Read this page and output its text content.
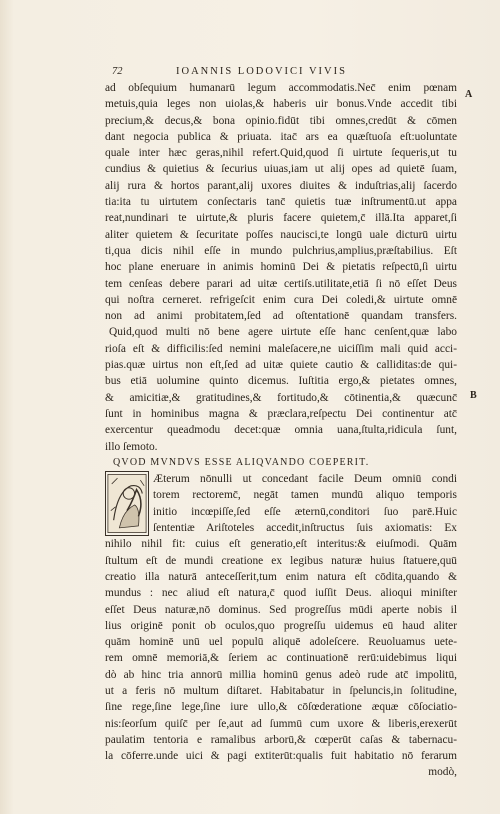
72	IOANNIS LODOVICI VIVIS
A
B
ad obſequium humanarū legum accommodatis.Nec̄ enim pœnam
metuis,quia leges non uiolas,& haberis uir bonus.Vnde accedit tibi
precium,& decus,& bona opinio.fidūt tibi omnes,credūt & cōmen
dant negocia publica & priuata. itac̄ ars ea quæſtuoſa eſt:uoluntate
quale inter hæc geras,nihil refert.Quid,quod ſi uirtute ſequeris,ut tu
cundius & quietius & ſecurius uiuas,iam ut alij opes ad quietē ſuam,
alij rura & hortos parant,alij uxores diuites & induſtrias,alij ſacerdo
tia:ita tu uirtutem conſectaris tanc̄ quietis tuæ inſtrumentū.ut appa
reat,nundinari te uirtute,& pluris facere quietem,c̄ illā.Ita apparet,ſi
aliter quietem & ſecuritate poſſes naucisci,te longū uale dicturū uirtu
ti,qua dicis nihil eſſe in mundo pulchrius,amplius,præſtabilius. Eſt
hoc plane eneruare in animis hominū Dei & pietatis reſpectū,ſi uirtu
tem cenſeas debere parari ad uitæ certiſs.utilitate,etiā ſi nō eſſet Deus
qui noſtra cerneret. refrigeſcit enim cura Dei coledi,& uirtute omnē
non ad animi probitatem,ſed ad oſtentationē quandam transfers.
Quid,quod multi nō bene agere uirtute eſſe hanc cenſent,quæ labo
rioſa eſt & difficilis:ſed nemini maleſacere,ne uiciſſim mali quid acci-
pias.quæ uirtus non eſt,ſed ad uitæ quiete cautio & calliditas:de qui-
bus etiā uolumine quinto dicemus. Iuſtitia ergo,& pietates omnes,
& amicitiæ,& gratitudines,& fortitudo,& cōtinentia,& quæcunc̄
ſunt in hominibus magna & præclara,reſpectu Dei continentur atc̄
exercentur queadmodu decet:quæ omnia uana,ſtulta,ridicula ſunt,
illo ſemoto.
QVOD MVNDVS ESSE ALIQVANDO COEPERIT.
Æterum nōnulli ut concedant facile Deum omniū condi
torem rectoremc̄, negāt tamen mundū aliquo temporis
initio incœpiſſe,ſed eſſe æternū,conditori ſuo parē.Huic
ſententiæ Ariſtoteles accedit,inſtructus ſuis axiomatis: Ex
nihilo nihil fit: cuius eſt generatio,eſt interitus:& eiuſmodi. Quām
ſtultum eſt de mundi creatione ex legibus naturæ huius ſtatuere,quū
creatio illa naturā anteceſſerit,tum enim natura eſt cōdita,quando &
mundus : nec aliud eſt natura,c̄ quod iuſſit Deus. alioqui miniſter
eſſet Deus naturæ,nō dominus. Sed progreſſus mūdi aperte nobis il
lius originē ponit ob oculos,quo progreſſu uidemus eū haud aliter
quām hominē unū uel populū aliquē adoleſcere. Reuoluamus uete-
rem omnē memoriā,& ſeriem ac continuationē rerū:uidebimus liqui
dò ab hinc tria annorū millia hominū genus adeò rude atc̄ impolitū,
ut a feris nō multum diſtaret. Habitabatur in ſpeluncis,in ſolitudine,
ſine rege,ſine lege,ſine iure ullo,& cōſœderatione æquæ cōſociatio-
nis:ſeorſum quiſc̄ per ſe,aut ad ſummū cum uxore & liberis,erexerūt
paulatim tentoria e ramalibus arborū,& cœperūt caſas & tabernacu-
la cōferre.unde uici & pagi extiterūt:qualis fuit habitatio nō ferarum
modò,
